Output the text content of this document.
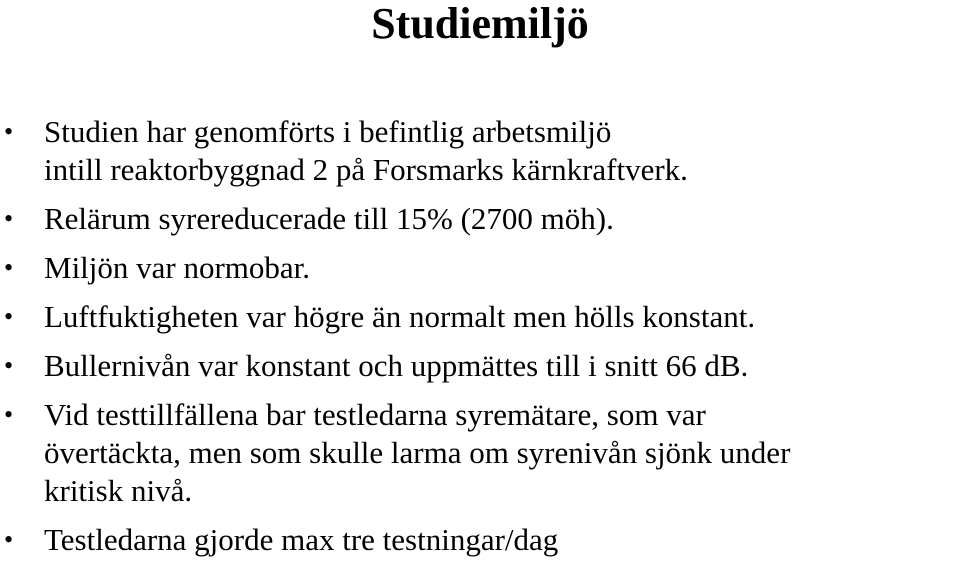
Studiemiljö
• Studien har genomförts i befintlig arbetsmiljö
intill reaktorbyggnad 2 på Forsmarks kärnkraftverk.
• Relärum syrereducerade till 15% (2700 möh).
• Miljön var normobar.
• Luftfuktigheten var högre än normalt men hölls konstant.
• Bullernivån var konstant och uppmättes till i snitt 66 dB.
• Vid testtillfällena bar testledarna syremätare, som var
övertäckta, men som skulle larma om syrenivån sjönk under
kritisk nivå.
• Testledarna gjorde max tre testningar/dag
